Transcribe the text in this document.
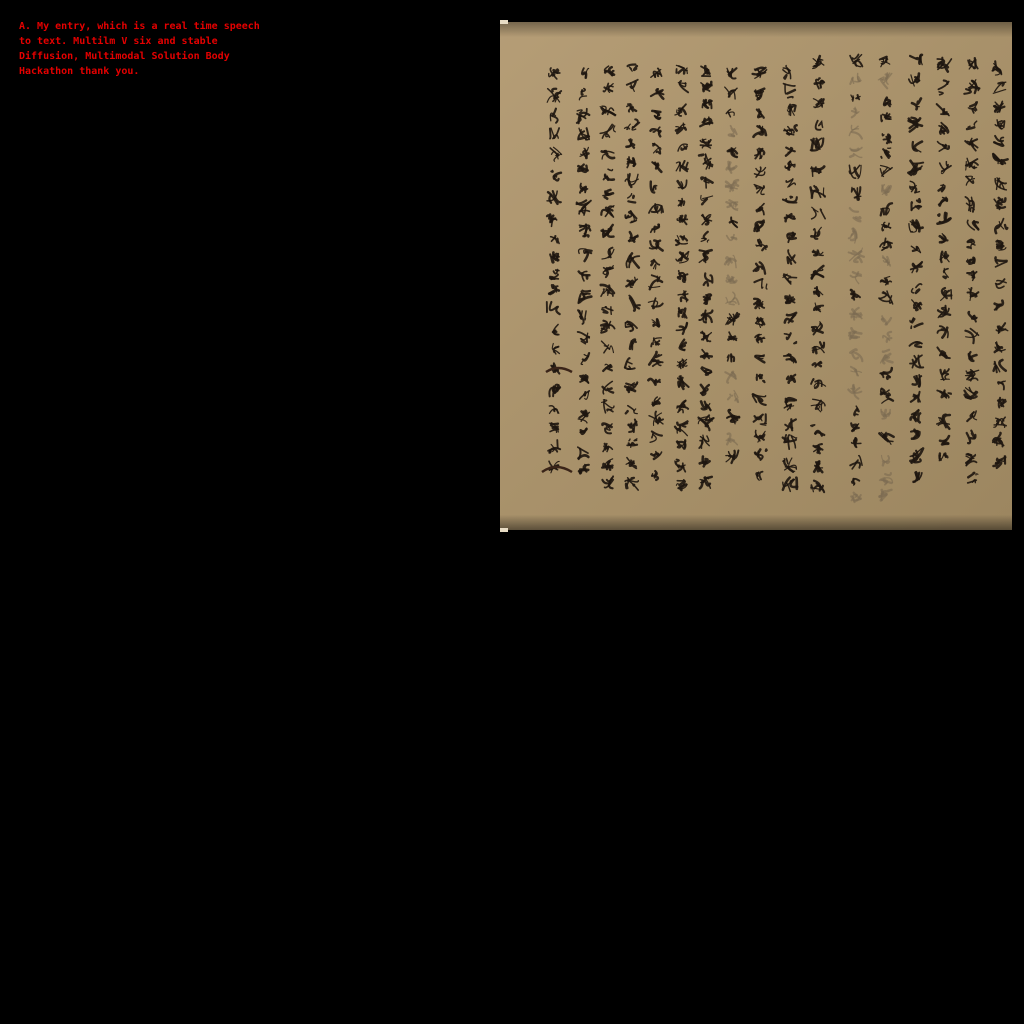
A. My entry, which is a real time speech
to text. Multilm V six and stable
Diffusion, Multimodal Solution Body
Hackathon thank you.
